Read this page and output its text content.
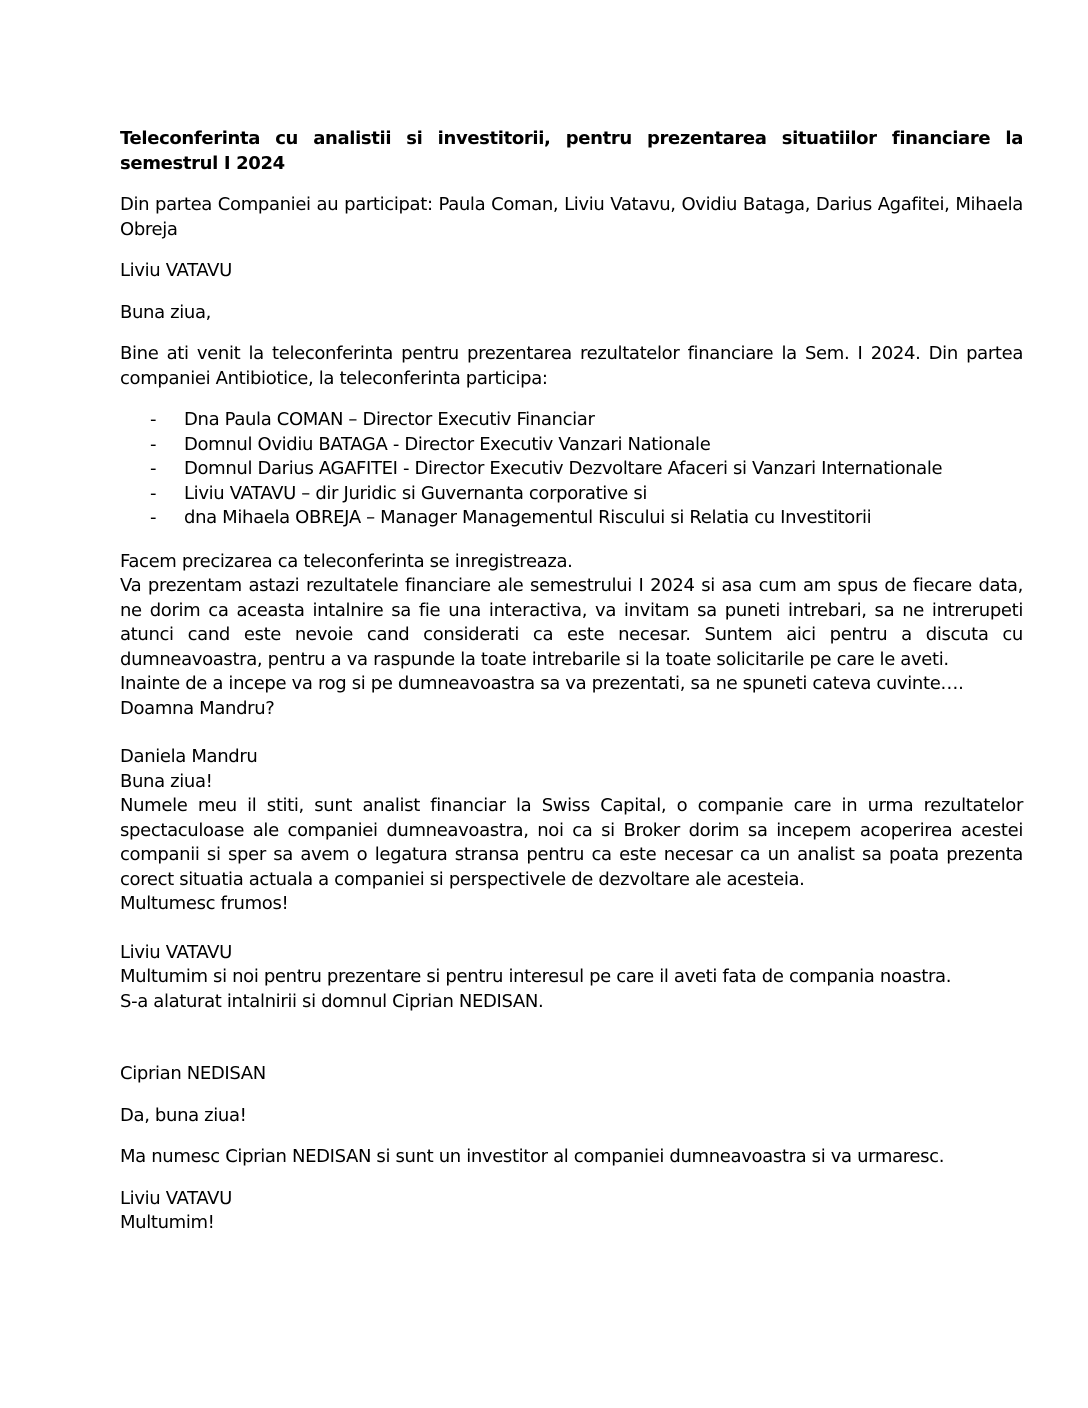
Teleconferinta cu analistii si investitorii, pentru prezentarea situatiilor financiare la semestrul I 2024

Din partea Companiei au participat: Paula Coman, Liviu Vatavu, Ovidiu Bataga, Darius Agafitei, Mihaela Obreja

Liviu VATAVU

Buna ziua,

Bine ati venit la teleconferinta pentru prezentarea rezultatelor financiare la Sem. I 2024. Din partea companiei Antibiotice, la teleconferinta participa:

- Dna Paula COMAN – Director Executiv Financiar
- Domnul Ovidiu BATAGA - Director Executiv Vanzari Nationale
- Domnul Darius AGAFITEI - Director Executiv Dezvoltare Afaceri si Vanzari Internationale
- Liviu VATAVU – dir Juridic si Guvernanta corporative si
- dna Mihaela OBREJA – Manager Managementul Riscului si Relatia cu Investitorii

Facem precizarea ca teleconferinta se inregistreaza.

Va prezentam astazi rezultatele financiare ale semestrului I 2024 si asa cum am spus de fiecare data, ne dorim ca aceasta intalnire sa fie una interactiva, va invitam sa puneti intrebari, sa ne intrerupeti atunci cand este nevoie cand considerati ca este necesar. Suntem aici pentru a discuta cu dumneavoastra, pentru a va raspunde la toate intrebarile si la toate solicitarile pe care le aveti.

Inainte de a incepe va rog si pe dumneavoastra sa va prezentati, sa ne spuneti cateva cuvinte….

Doamna Mandru?

Daniela Mandru

Buna ziua!

Numele meu il stiti, sunt analist financiar la Swiss Capital, o companie care in urma rezultatelor spectaculoase ale companiei dumneavoastra, noi ca si Broker dorim sa incepem acoperirea acestei companii si sper sa avem o legatura stransa pentru ca este necesar ca un analist sa poata prezenta corect situatia actuala a companiei si perspectivele de dezvoltare ale acesteia.

Multumesc frumos!

Liviu VATAVU

Multumim si noi pentru prezentare si pentru interesul pe care il aveti fata de compania noastra.

S-a alaturat intalnirii si domnul Ciprian NEDISAN.

Ciprian NEDISAN

Da, buna ziua!

Ma numesc Ciprian NEDISAN si sunt un investitor al companiei dumneavoastra si va urmaresc.

Liviu VATAVU

Multumim!
